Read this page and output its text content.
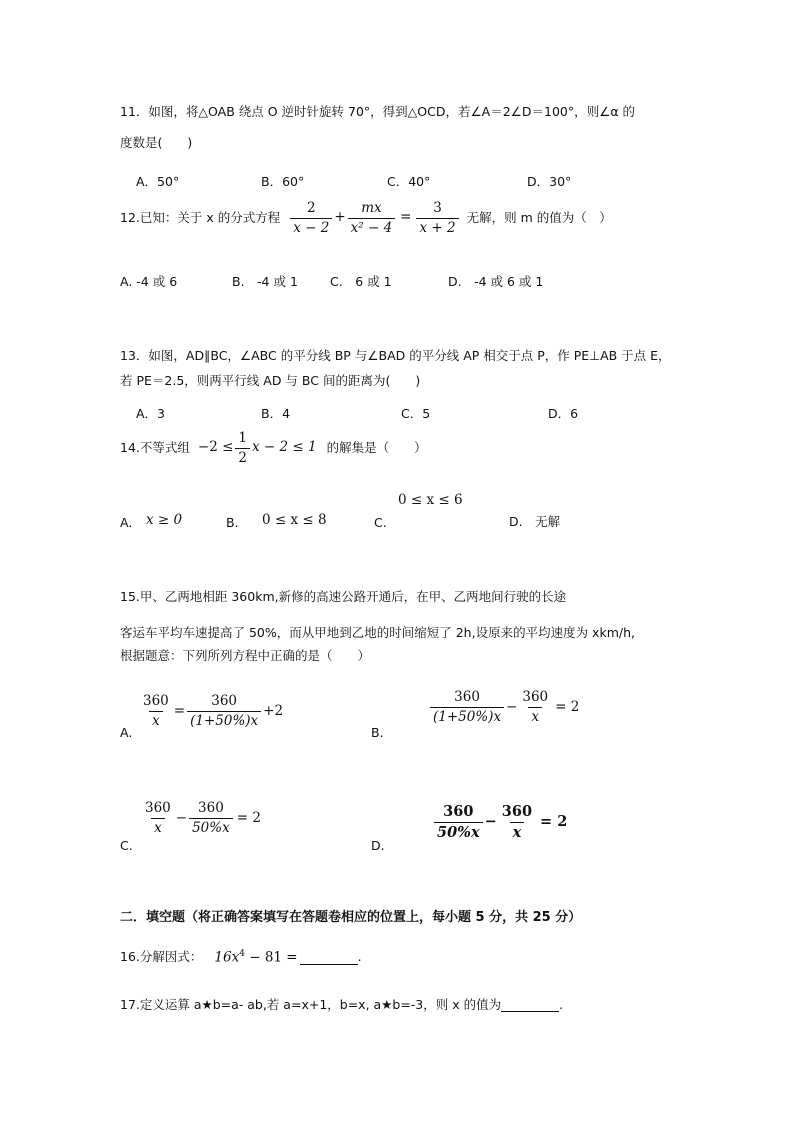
11．如图，将△OAB 绕点 O 逆时针旋转 70°，得到△OCD，若∠A＝2∠D＝100°，则∠α 的
度数是(　　)
A．50°	B．60°	C．40°	D．30°
12.已知：关于 x 的分式方程 $\frac{2}{x - 2} + \frac{mx}{\text{x² − 4}} = \frac{3}{x + 2}$ 无解，则 m 的值为（　）
A. -4 或 6	B.　-4 或 1	C.　6 或 1	D.　-4 或 6 或 1
13．如图，AD∥BC，∠ABC 的平分线 BP 与∠BAD 的平分线 AP 相交于点 P，作 PE⊥AB 于点 E，
若 PE＝2.5，则两平行线 AD 与 BC 间的距离为(　　)
A．3	B．4	C．5	D．6
14.不等式组 $-2 \le \frac{1}{2}$ x − 2 ≤ 1 的解集是（　　）
0 ≤ x ≤ 6
A. x ≥ 0	B. 0 ≤ x ≤ 8	C.	D.　无解
15.甲、乙两地相距 360km,新修的高速公路开通后，在甲、乙两地间行驶的长途
客运车平均车速提高了 50%，而从甲地到乙地的时间缩短了 2h,设原来的平均速度为 xkm/h,
根据题意：下列所列方程中正确的是（　　）
A.
$\frac{360}{x} = \frac{360}{(1+50\%)x} +2$
B.
$\frac{360}{(1+50\%)x} - \frac{360}{x} = 2$
C.
$\frac{360}{x} - \frac{360}{50\%x} = 2$
D.
$\frac{360}{50\%x} - \frac{360}{x} = 2$
二．填空题（将正确答案填写在答题卷相应的位置上，每小题 5 分，共 25 分）
16.分解因式： $16x^4 - 81$ =	.
17.定义运算 a★b=a- ab,若 a=x+1，b=x, a★b=-3，则 x 的值为	.
